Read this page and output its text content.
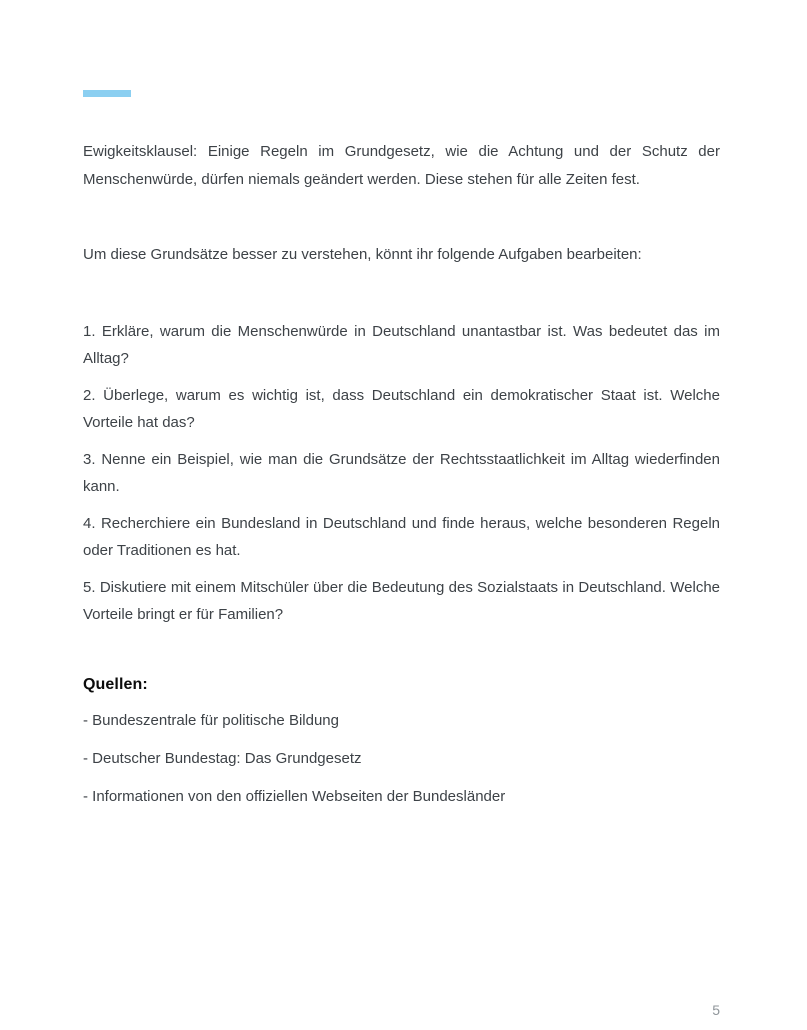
Ewigkeitsklausel: Einige Regeln im Grundgesetz, wie die Achtung und der Schutz der Menschenwürde, dürfen niemals geändert werden. Diese stehen für alle Zeiten fest.

Um diese Grundsätze besser zu verstehen, könnt ihr folgende Aufgaben bearbeiten:

1. Erkläre, warum die Menschenwürde in Deutschland unantastbar ist. Was bedeutet das im Alltag?

2. Überlege, warum es wichtig ist, dass Deutschland ein demokratischer Staat ist. Welche Vorteile hat das?

3. Nenne ein Beispiel, wie man die Grundsätze der Rechtsstaatlichkeit im Alltag wiederfinden kann.

4. Recherchiere ein Bundesland in Deutschland und finde heraus, welche besonderen Regeln oder Traditionen es hat.

5. Diskutiere mit einem Mitschüler über die Bedeutung des Sozialstaats in Deutschland. Welche Vorteile bringt er für Familien?

Quellen:

- Bundeszentrale für politische Bildung

- Deutscher Bundestag: Das Grundgesetz

- Informationen von den offiziellen Webseiten der Bundesländer

5
